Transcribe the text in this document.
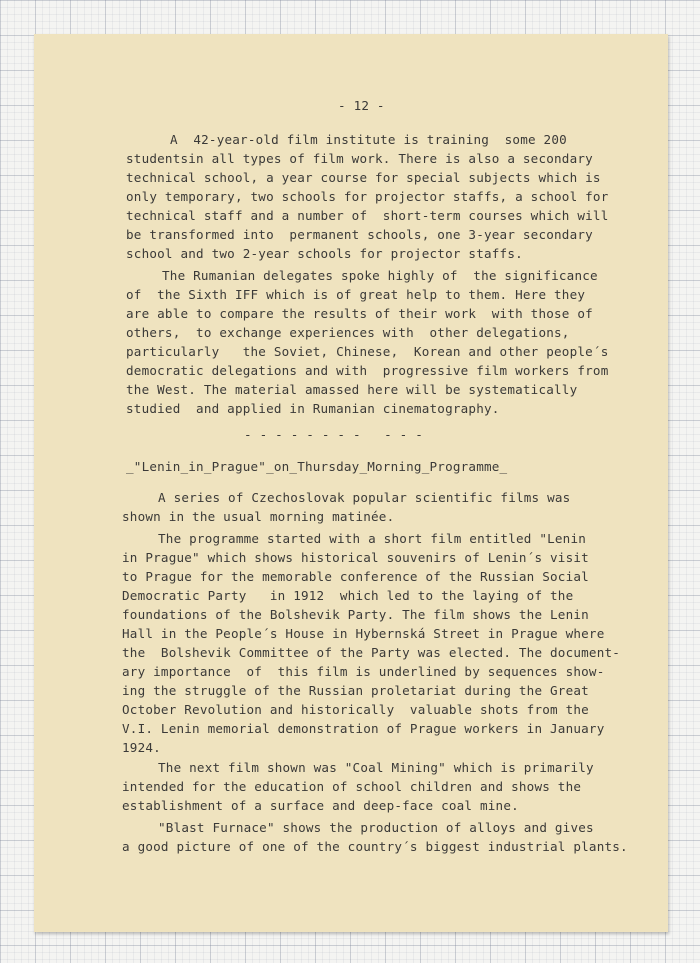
- 12 -
A  42-year-old film institute is training  some 200
studentsin all types of film work. There is also a secondary
technical school, a year course for special subjects which is
only temporary, two schools for projector staffs, a school for
technical staff and a number of  short-term courses which will
be transformed into  permanent schools, one 3-year secondary
school and two 2-year schools for projector staffs.
The Rumanian delegates spoke highly of  the significance
of  the Sixth IFF which is of great help to them. Here they
are able to compare the results of their work  with those of
others,  to exchange experiences with  other delegations,
particularly   the Soviet, Chinese,  Korean and other people´s
democratic delegations and with  progressive film workers from
the West. The material amassed here will be systematically
studied  and applied in Rumanian cinematography.
- - - - - - - -   - - -
_"Lenin_in_Prague"_on_Thursday_Morning_Programme_
A series of Czechoslovak popular scientific films was
shown in the usual morning matinée.
The programme started with a short film entitled "Lenin
in Prague" which shows historical souvenirs of Lenin´s visit
to Prague for the memorable conference of the Russian Social
Democratic Party   in 1912  which led to the laying of the
foundations of the Bolshevik Party. The film shows the Lenin
Hall in the People´s House in Hybernská Street in Prague where
the  Bolshevik Committee of the Party was elected. The document-
ary importance  of  this film is underlined by sequences show-
ing the struggle of the Russian proletariat during the Great
October Revolution and historically  valuable shots from the
V.I. Lenin memorial demonstration of Prague workers in January
1924.
The next film shown was "Coal Mining" which is primarily
intended for the education of school children and shows the
establishment of a surface and deep-face coal mine.
"Blast Furnace" shows the production of alloys and gives
a good picture of one of the country´s biggest industrial plants.
